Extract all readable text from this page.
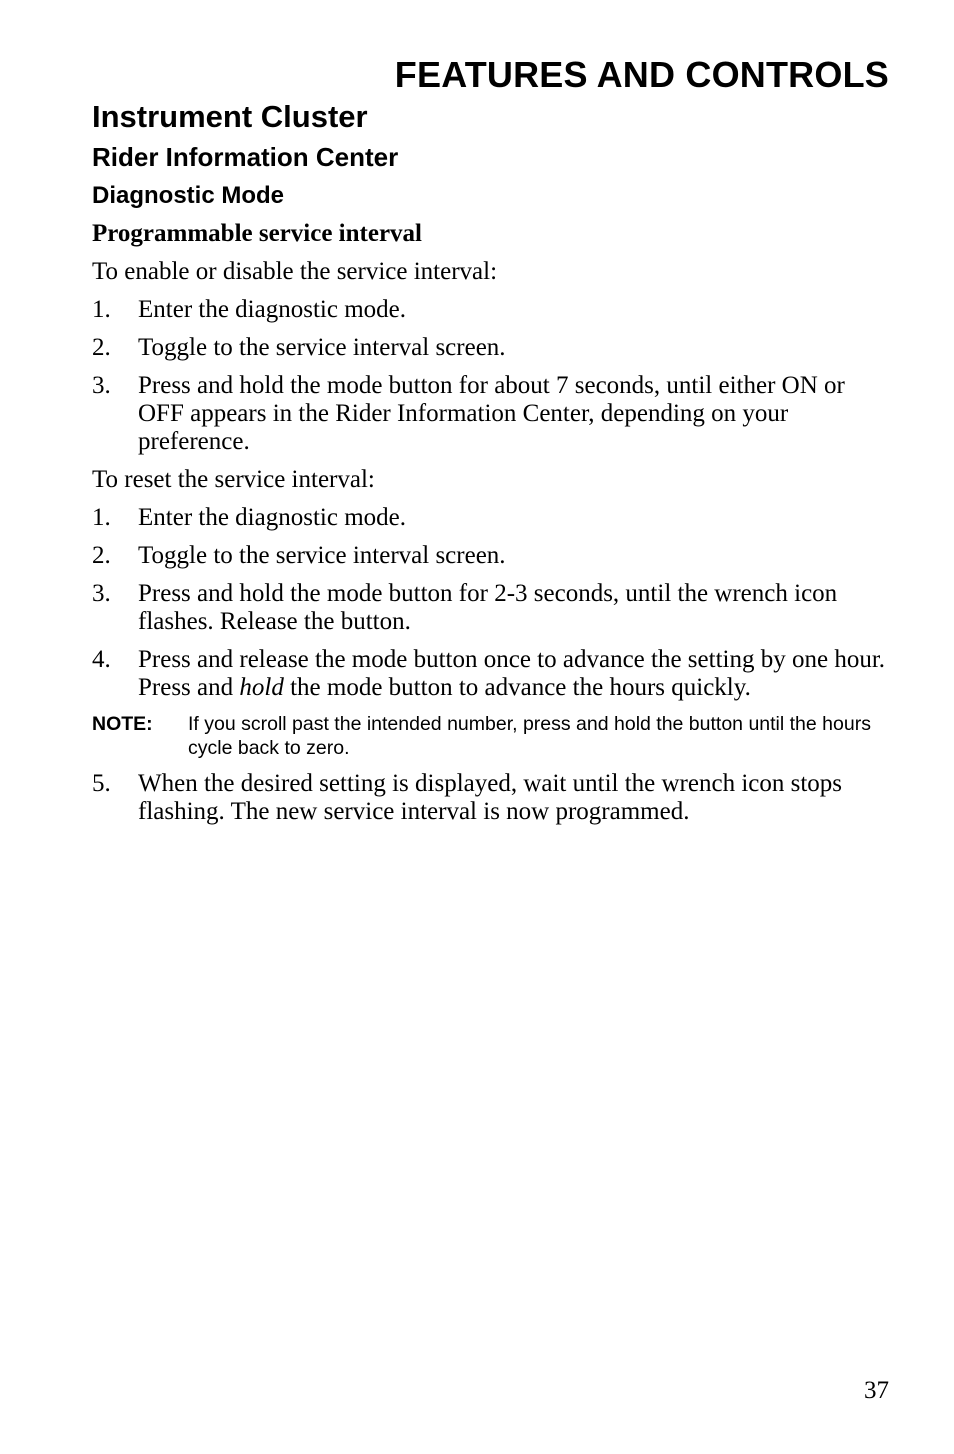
FEATURES AND CONTROLS
Instrument Cluster
Rider Information Center
Diagnostic Mode

Programmable service interval

To enable or disable the service interval:

1. Enter the diagnostic mode.
2. Toggle to the service interval screen.
3. Press and hold the mode button for about 7 seconds, until either ON or OFF appears in the Rider Information Center, depending on your preference.

To reset the service interval:

1. Enter the diagnostic mode.
2. Toggle to the service interval screen.
3. Press and hold the mode button for 2-3 seconds, until the wrench icon flashes. Release the button.
4. Press and release the mode button once to advance the setting by one hour. Press and hold the mode button to advance the hours quickly.
NOTE: If you scroll past the intended number, press and hold the button until the hours cycle back to zero.
5. When the desired setting is displayed, wait until the wrench icon stops flashing. The new service interval is now programmed.

37
